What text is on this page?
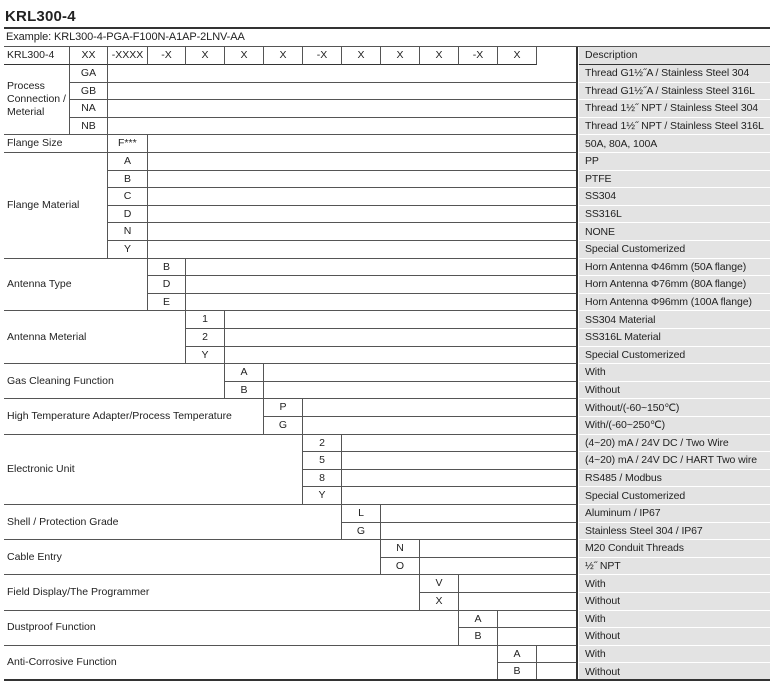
KRL300-4
Example: KRL300-4-PGA-F100N-A1AP-2LNV-AA
KRL300-4	XX	-XXXX	-X	X	X	X	-X	X	X	X	-X	X	Description
Process Connection / Meterial
GA	Thread G1½˝A / Stainless Steel 304
GB	Thread G1½˝A / Stainless Steel 316L
NA	Thread 1½˝ NPT / Stainless Steel 304
NB	Thread 1½˝ NPT / Stainless Steel 316L
Flange Size	F***	50A, 80A, 100A
Flange Material
A	PP
B	PTFE
C	SS304
D	SS316L
N	NONE
Y	Special Customerized
Antenna Type
B	Horn Antenna Φ46mm (50A flange)
D	Horn Antenna Φ76mm (80A flange)
E	Horn Antenna Φ96mm (100A flange)
Antenna Meterial
1	SS304 Material
2	SS316L Material
Y	Special Customerized
Gas Cleaning Function
A	With
B	Without
High Temperature Adapter/Process Temperature
P	Without/(-60~150℃)
G	With/(-60~250℃)
Electronic Unit
2	(4~20) mA / 24V DC / Two Wire
5	(4~20) mA / 24V DC / HART Two wire
8	RS485 / Modbus
Y	Special Customerized
Shell / Protection Grade
L	Aluminum / IP67
G	Stainless Steel 304 / IP67
Cable Entry
N	M20 Conduit Threads
O	½˝ NPT
Field Display/The Programmer
V	With
X	Without
Dustproof Function
A	With
B	Without
Anti-Corrosive Function
A	With
B	Without
